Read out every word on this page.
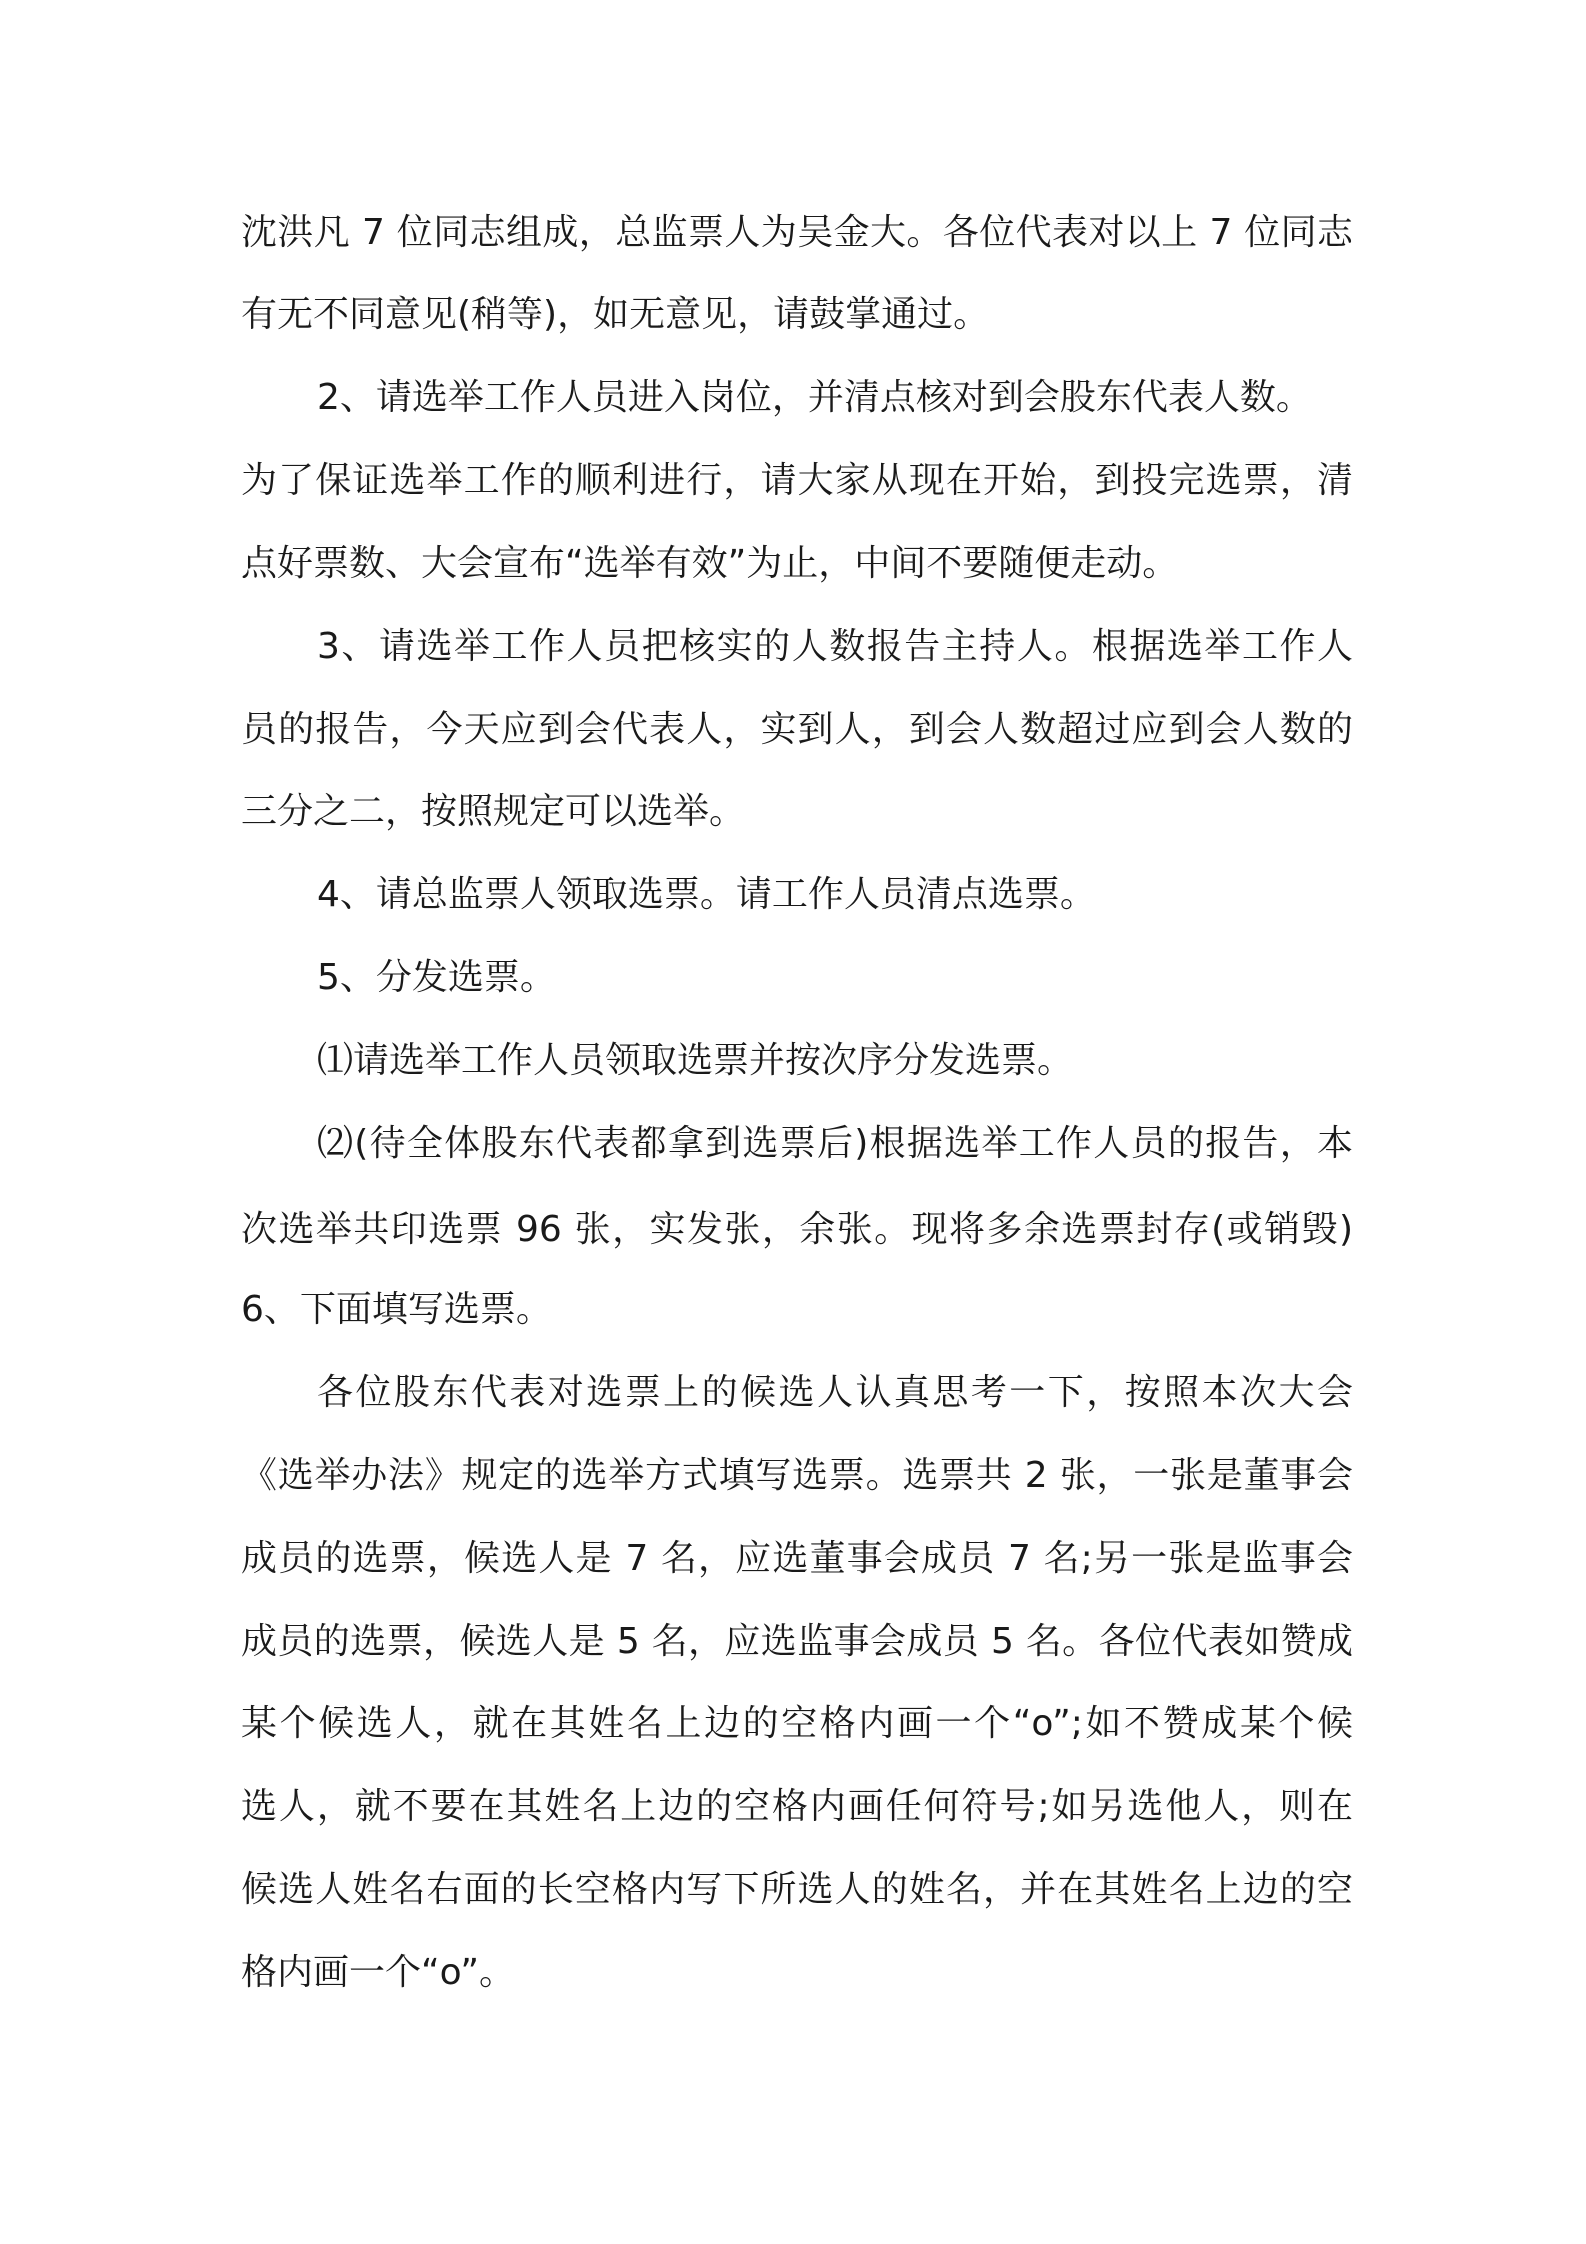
沈洪凡 7 位同志组成，总监票人为吴金大。各位代表对以上 7 位同志
有无不同意见(稍等)，如无意见，请鼓掌通过。
2、请选举工作人员进入岗位，并清点核对到会股东代表人数。
为了保证选举工作的顺利进行，请大家从现在开始，到投完选票，清
点好票数、大会宣布“选举有效”为止，中间不要随便走动。
3、请选举工作人员把核实的人数报告主持人。根据选举工作人
员的报告，今天应到会代表人，实到人，到会人数超过应到会人数的
三分之二，按照规定可以选举。
4、请总监票人领取选票。请工作人员清点选票。
5、分发选票。
⑴请选举工作人员领取选票并按次序分发选票。
⑵(待全体股东代表都拿到选票后)根据选举工作人员的报告，本
次选举共印选票 96 张，实发张，余张。现将多余选票封存(或销毁)
6、下面填写选票。
各位股东代表对选票上的候选人认真思考一下，按照本次大会
《选举办法》规定的选举方式填写选票。选票共 2 张，一张是董事会
成员的选票，候选人是 7 名，应选董事会成员 7 名;另一张是监事会
成员的选票，候选人是 5 名，应选监事会成员 5 名。各位代表如赞成
某个候选人，就在其姓名上边的空格内画一个“o”;如不赞成某个候
选人，就不要在其姓名上边的空格内画任何符号;如另选他人，则在
候选人姓名右面的长空格内写下所选人的姓名，并在其姓名上边的空
格内画一个“o”。
